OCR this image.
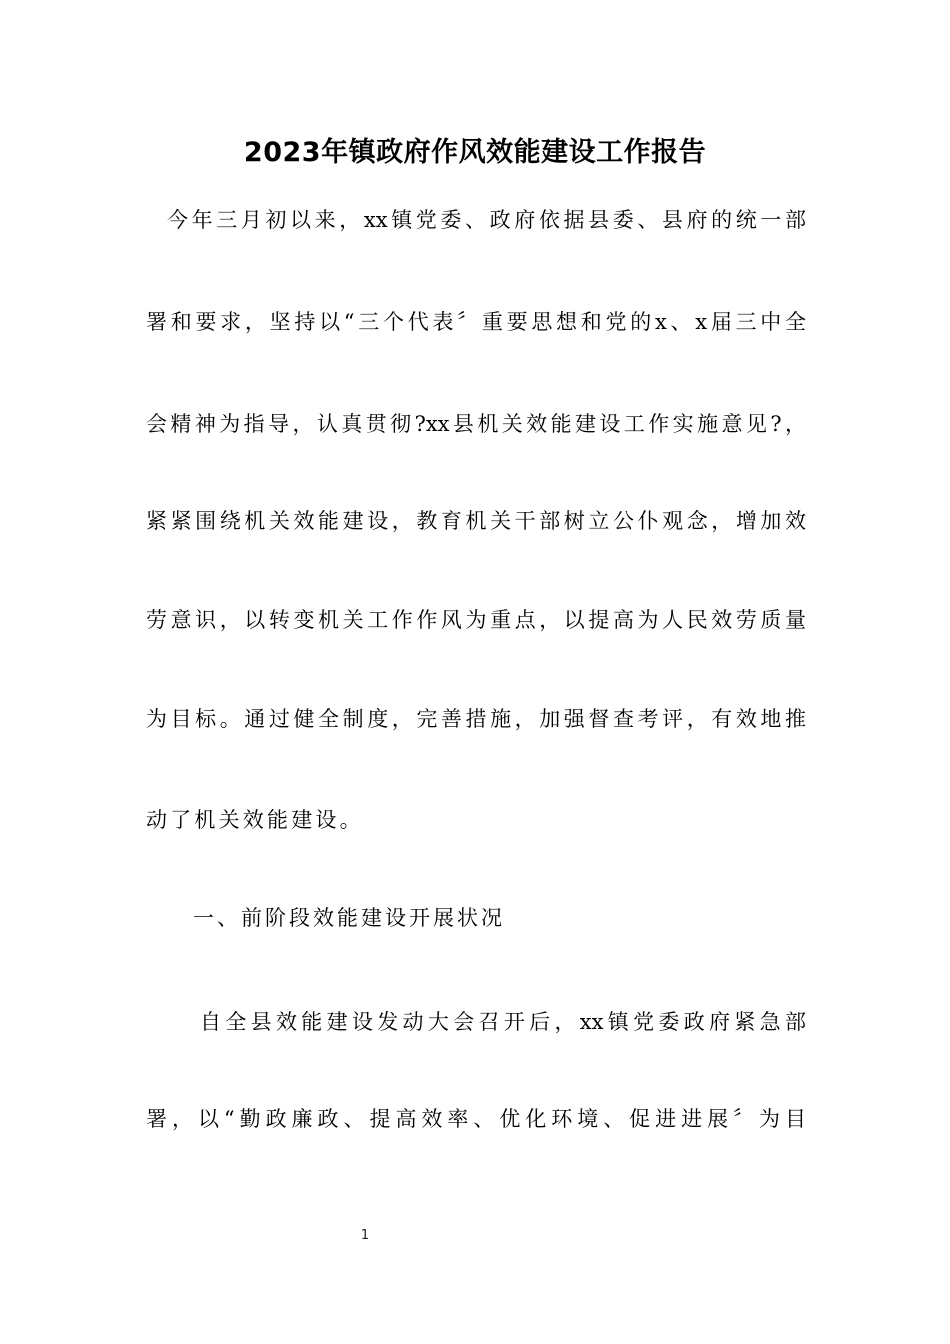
2023年镇政府作风效能建设工作报告

今年三月初以来，xx镇党委、政府依据县委、县府的统一部

署和要求，坚持以“三个代表〞重要思想和党的x、x届三中全

会精神为指导，认真贯彻?xx县机关效能建设工作实施意见?，

紧紧围绕机关效能建设，教育机关干部树立公仆观念，增加效

劳意识，以转变机关工作作风为重点，以提高为人民效劳质量

为目标。通过健全制度，完善措施，加强督查考评，有效地推

动了机关效能建设。

一、前阶段效能建设开展状况

自全县效能建设发动大会召开后，xx镇党委政府紧急部

署，以“勤政廉政、提高效率、优化环境、促进进展〞为目

1
